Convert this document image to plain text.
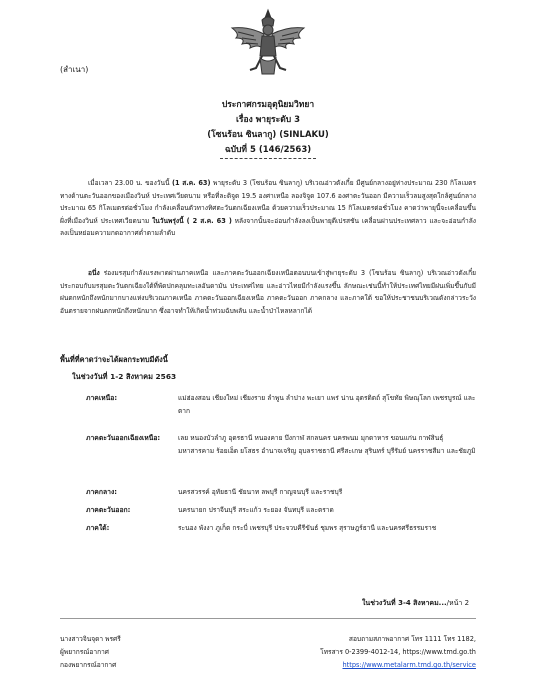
(สำเนา)
ประกาศกรมอุตุนิยมวิทยา
เรื่อง พายุระดับ 3
(โซนร้อน ซินลากู) (SINLAKU)
ฉบับที่ 5 (146/2563)
เมื่อเวลา 23.00 น. ของวันนี้ (1 ส.ค. 63) พายุระดับ 3 (โซนร้อน ซินลากู) บริเวณอ่าวตังเกี๋ย มีศูนย์กลางอยู่ห่างประมาณ 230 กิโลเมตร ทางด้านตะวันออกของเมืองวินห์ ประเทศเวียดนาม หรือที่ละติจูด 19.5 องศาเหนือ ลองจิจูด 107.6 องศาตะวันออก มีความเร็วลมสูงสุดใกล้ศูนย์กลางประมาณ 65 กิโลเมตรต่อชั่วโมง กำลังเคลื่อนตัวทางทิศตะวันตกเฉียงเหนือ ด้วยความเร็วประมาณ 15 กิโลเมตรต่อชั่วโมง คาดว่าพายุนี้จะเคลื่อนขึ้นฝั่งที่เมืองวินห์ ประเทศเวียดนาม ในวันพรุ่งนี้ ( 2 ส.ค. 63 ) หลังจากนั้นจะอ่อนกำลังลงเป็นพายุดีเปรสชัน เคลื่อนผ่านประเทศลาว และจะอ่อนกำลังลงเป็นหย่อมความกดอากาศต่ำตามลำดับ
อนึ่ง ร่องมรสุมกำลังแรงพาดผ่านภาคเหนือ และภาคตะวันออกเฉียงเหนือตอนบนเข้าสู่พายุระดับ 3 (โซนร้อน ซินลากู) บริเวณอ่าวตังเกี๋ย ประกอบกับมรสุมตะวันตกเฉียงใต้ที่พัดปกคลุมทะเลอันดามัน ประเทศไทย และอ่าวไทยมีกำลังแรงขึ้น ลักษณะเช่นนี้ทำให้ประเทศไทยมีฝนเพิ่มขึ้นกับมีฝนตกหนักถึงหนักมากบางแห่งบริเวณภาคเหนือ ภาคตะวันออกเฉียงเหนือ ภาคตะวันออก ภาคกลาง และภาคใต้ ขอให้ประชาชนบริเวณดังกล่าวระวังอันตรายจากฝนตกหนักถึงหนักมาก ซึ่งอาจทำให้เกิดน้ำท่วมฉับพลัน และน้ำป่าไหลหลากได้
พื้นที่ที่คาดว่าจะได้ผลกระทบมีดังนี้
ในช่วงวันที่ 1-2 สิงหาคม 2563
ภาคเหนือ:	แม่ฮ่องสอน เชียงใหม่ เชียงราย ลำพูน ลำปาง พะเยา แพร่ น่าน อุตรดิตถ์ สุโขทัย พิษณุโลก เพชรบูรณ์ และตาก
ภาคตะวันออกเฉียงเหนือ:	เลย หนองบัวลำภู อุดรธานี หนองคาย บึงกาฬ สกลนคร นครพนม มุกดาหาร ขอนแก่น กาฬสินธุ์ มหาสารคาม ร้อยเอ็ด ยโสธร อำนาจเจริญ อุบลราชธานี ศรีสะเกษ สุรินทร์ บุรีรัมย์ นครราชสีมา และชัยภูมิ
ภาคกลาง:	นครสวรรค์ อุทัยธานี ชัยนาท ลพบุรี กาญจนบุรี และราชบุรี
ภาคตะวันออก:	นครนายก ปราจีนบุรี สระแก้ว ระยอง จันทบุรี และตราด
ภาคใต้:	ระนอง พังงา ภูเก็ต กระบี่ เพชรบุรี ประจวบคีรีขันธ์ ชุมพร สุราษฎร์ธานี และนครศรีธรรมราช
ในช่วงวันที่ 3-4 สิงหาคม.../หน้า 2
นางสาวจินจุดา พรศรี
ผู้พยากรณ์อากาศ
กองพยากรณ์อากาศ
สอบถามสภาพอากาศ โทร 1111 โทร 1182,
โทรสาร 0-2399-4012-14, https://www.tmd.go.th
https://www.metalarm.tmd.go.th/service
